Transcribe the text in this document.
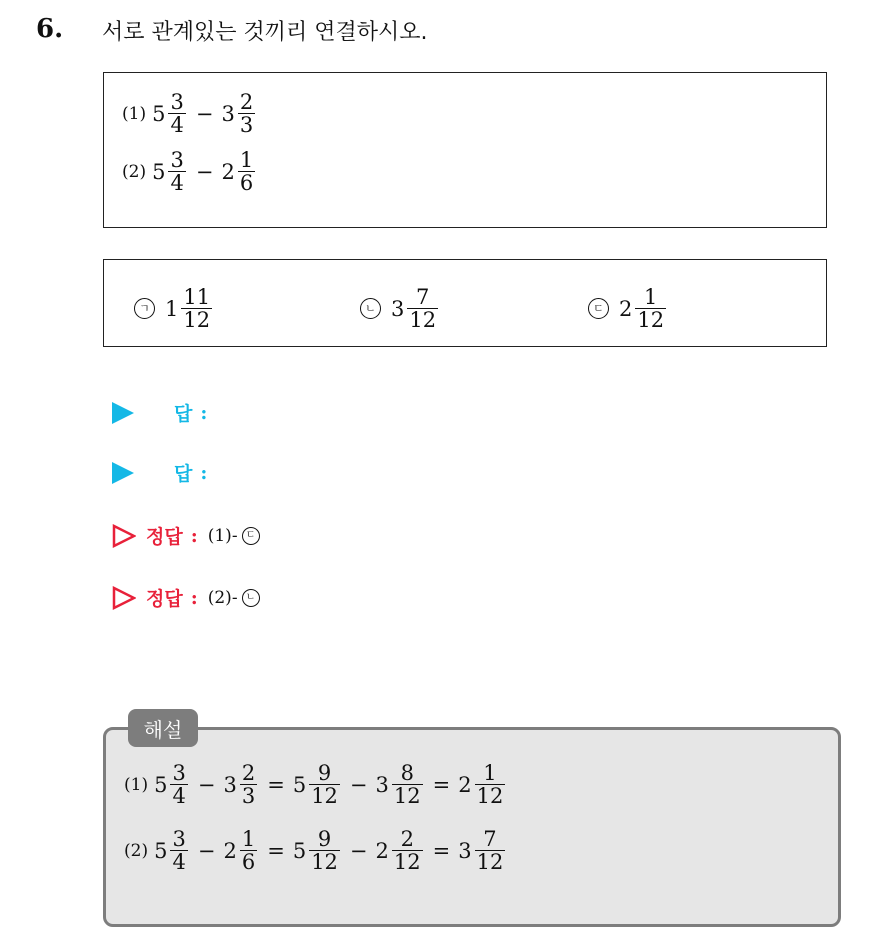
6. 서로 관계있는 것끼리 연결하시오.
(1) $5 \frac{3}{4} - 3 \frac{2}{3}$
(2) $5 \frac{3}{4} - 2 \frac{1}{6}$
ㄱ $1 \frac{11}{12}$	ㄴ $3 \frac{7}{12}$	ㄷ $2 \frac{1}{12}$
답 :
답 :
정답 : (1)- ㄷ
정답 : (2)- ㄴ
(1) $5 \frac{3}{4} - 3 \frac{2}{3} = 5 \frac{9}{12} - 3 \frac{8}{12} = 2 \frac{1}{12}$
(2) $5 \frac{3}{4} - 2 \frac{1}{6} = 5 \frac{9}{12} - 2 \frac{2}{12} = 3 \frac{7}{12}$
해설
